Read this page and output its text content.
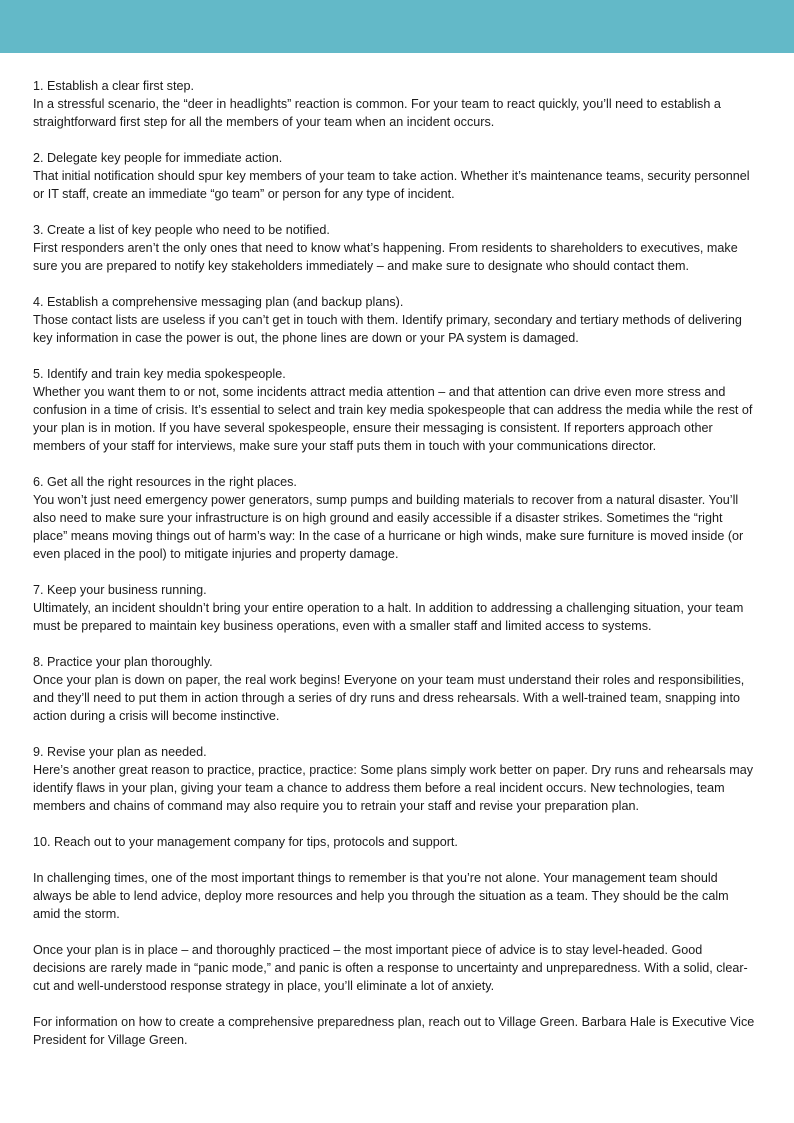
1. Establish a clear first step.

In a stressful scenario, the “deer in headlights” reaction is common. For your team to react quickly, you’ll need to establish a straightforward first step for all the members of your team when an incident occurs.

2. Delegate key people for immediate action.

That initial notification should spur key members of your team to take action. Whether it’s maintenance teams, security personnel or IT staff, create an immediate “go team” or person for any type of incident.

3. Create a list of key people who need to be notified.

First responders aren’t the only ones that need to know what’s happening. From residents to shareholders to executives, make sure you are prepared to notify key stakeholders immediately – and make sure to designate who should contact them.

4. Establish a comprehensive messaging plan (and backup plans).

Those contact lists are useless if you can’t get in touch with them. Identify primary, secondary and tertiary methods of delivering key information in case the power is out, the phone lines are down or your PA system is damaged.

5. Identify and train key media spokespeople.

Whether you want them to or not, some incidents attract media attention – and that attention can drive even more stress and confusion in a time of crisis. It’s essential to select and train key media spokespeople that can address the media while the rest of your plan is in motion. If you have several spokespeople, ensure their messaging is consistent. If reporters approach other members of your staff for interviews, make sure your staff puts them in touch with your communications director.

6. Get all the right resources in the right places.

You won’t just need emergency power generators, sump pumps and building materials to recover from a natural disaster. You’ll also need to make sure your infrastructure is on high ground and easily accessible if a disaster strikes. Sometimes the “right place” means moving things out of harm’s way: In the case of a hurricane or high winds, make sure furniture is moved inside (or even placed in the pool) to mitigate injuries and property damage.

7. Keep your business running.

Ultimately, an incident shouldn’t bring your entire operation to a halt. In addition to addressing a challenging situation, your team must be prepared to maintain key business operations, even with a smaller staff and limited access to systems.

8. Practice your plan thoroughly.

Once your plan is down on paper, the real work begins! Everyone on your team must understand their roles and responsibilities, and they’ll need to put them in action through a series of dry runs and dress rehearsals. With a well-trained team, snapping into action during a crisis will become instinctive.

9. Revise your plan as needed.

Here’s another great reason to practice, practice, practice: Some plans simply work better on paper. Dry runs and rehearsals may identify flaws in your plan, giving your team a chance to address them before a real incident occurs. New technologies, team members and chains of command may also require you to retrain your staff and revise your preparation plan.

10. Reach out to your management company for tips, protocols and support.

In challenging times, one of the most important things to remember is that you’re not alone. Your management team should always be able to lend advice, deploy more resources and help you through the situation as a team. They should be the calm amid the storm.

Once your plan is in place – and thoroughly practiced – the most important piece of advice is to stay level-headed. Good decisions are rarely made in “panic mode,” and panic is often a response to uncertainty and unpreparedness. With a solid, clear-cut and well-understood response strategy in place, you’ll eliminate a lot of anxiety.

For information on how to create a comprehensive preparedness plan, reach out to Village Green. Barbara Hale is Executive Vice President for Village Green.
